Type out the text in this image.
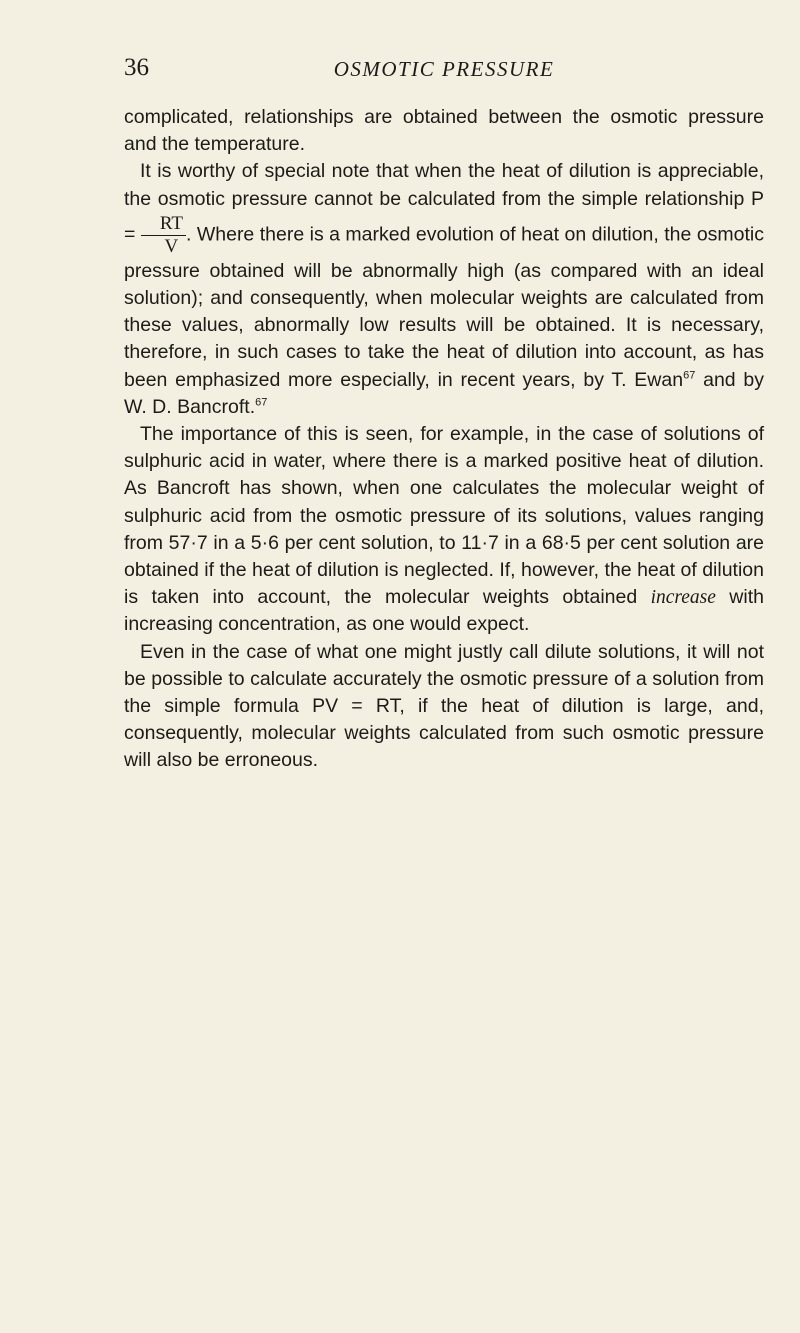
36	OSMOTIC PRESSURE

complicated, relationships are obtained between the osmotic pressure and the temperature.

It is worthy of special note that when the heat of dilution is appreciable, the osmotic pressure cannot be calculated from the simple relationship $P = \frac{RT}{V}$ . Where there is a marked evolution of heat on dilution, the osmotic pressure obtained will be abnormally high (as compared with an ideal solution); and consequently, when molecular weights are calculated from these values, abnormally low results will be obtained. It is necessary, therefore, in such cases to take the heat of dilution into account, as has been emphasized more especially, in recent years, by T. Ewan$^{67}$ and by W. D. Bancroft.$^{67}$

The importance of this is seen, for example, in the case of solutions of sulphuric acid in water, where there is a marked positive heat of dilution. As Bancroft has shown, when one calculates the molecular weight of sulphuric acid from the osmotic pressure of its solutions, values ranging from 57·7 in a 5·6 per cent solution, to 11·7 in a 68·5 per cent solution are obtained if the heat of dilution is neglected. If, however, the heat of dilution is taken into account, the molecular weights obtained increase with increasing concentration, as one would expect.

Even in the case of what one might justly call dilute solutions, it will not be possible to calculate accurately the osmotic pressure of a solution from the simple formula PV = RT, if the heat of dilution is large, and, consequently, molecular weights calculated from such osmotic pressure will also be erroneous.
